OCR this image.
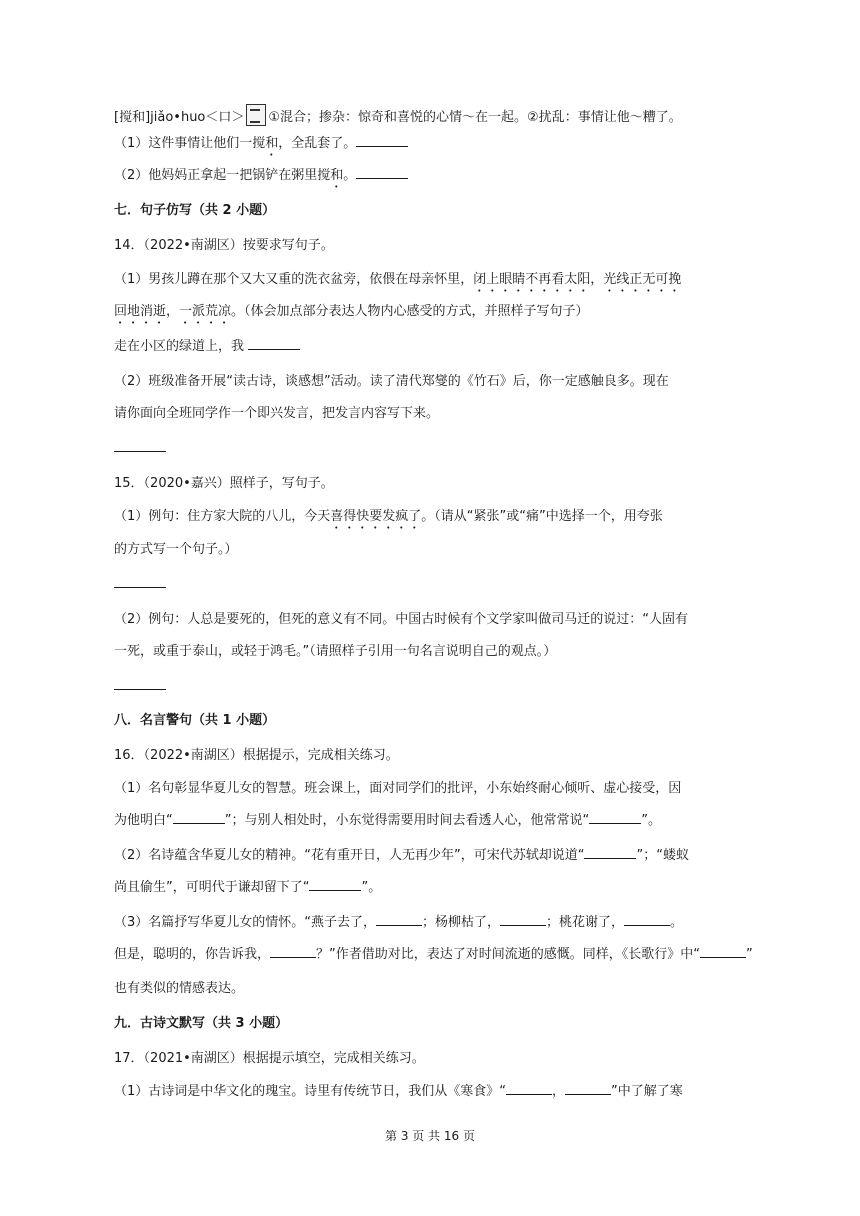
[搅和]jiǎo•huo＜口＞ ①混合；掺杂：惊奇和喜悦的心情～在一起。②扰乱：事情让他～糟了。
（1）这件事情让他们一搅和，全乱套了。
（2）他妈妈正拿起一把锅铲在粥里搅和。
七．句子仿写（共 2 小题）
14．（2022•南湖区）按要求写句子。
（1）男孩儿蹲在那个又大又重的洗衣盆旁，依偎在母亲怀里，闭上眼睛不再看太阳，光线正无可挽
回地消逝，一派荒凉。（体会加点部分表达人物内心感受的方式，并照样子写句子）
走在小区的绿道上，我
（2）班级准备开展“读古诗，谈感想”活动。读了清代郑燮的《竹石》后，你一定感触良多。现在
请你面向全班同学作一个即兴发言，把发言内容写下来。
15．（2020•嘉兴）照样子，写句子。
（1）例句：住方家大院的八儿，今天喜得快要发疯了。（请从“紧张”或“痛”中选择一个，用夸张
的方式写一个句子。）
（2）例句：人总是要死的，但死的意义有不同。中国古时候有个文学家叫做司马迁的说过：“人固有
一死，或重于泰山，或轻于鸿毛。”（请照样子引用一句名言说明自己的观点。）
八．名言警句（共 1 小题）
16．（2022•南湖区）根据提示，完成相关练习。
（1）名句彰显华夏儿女的智慧。班会课上，面对同学们的批评，小东始终耐心倾听、虚心接受，因
为他明白“	”；与别人相处时，小东觉得需要用时间去看透人心，他常常说“	”。
（2）名诗蕴含华夏儿女的精神。“花有重开日，人无再少年”，可宋代苏轼却说道“	”；“蝼蚁
尚且偷生”，可明代于谦却留下了“	”。
（3）名篇抒写华夏儿女的情怀。“燕子去了，	；杨柳枯了，	；桃花谢了，	。
但是，聪明的，你告诉我，	？”作者借助对比，表达了对时间流逝的感慨。同样，《长歌行》中“	”
也有类似的情感表达。
九．古诗文默写（共 3 小题）
17．（2021•南湖区）根据提示填空，完成相关练习。
（1）古诗词是中华文化的瑰宝。诗里有传统节日，我们从《寒食》“	，	”中了解了寒
第 3 页 共 16 页
